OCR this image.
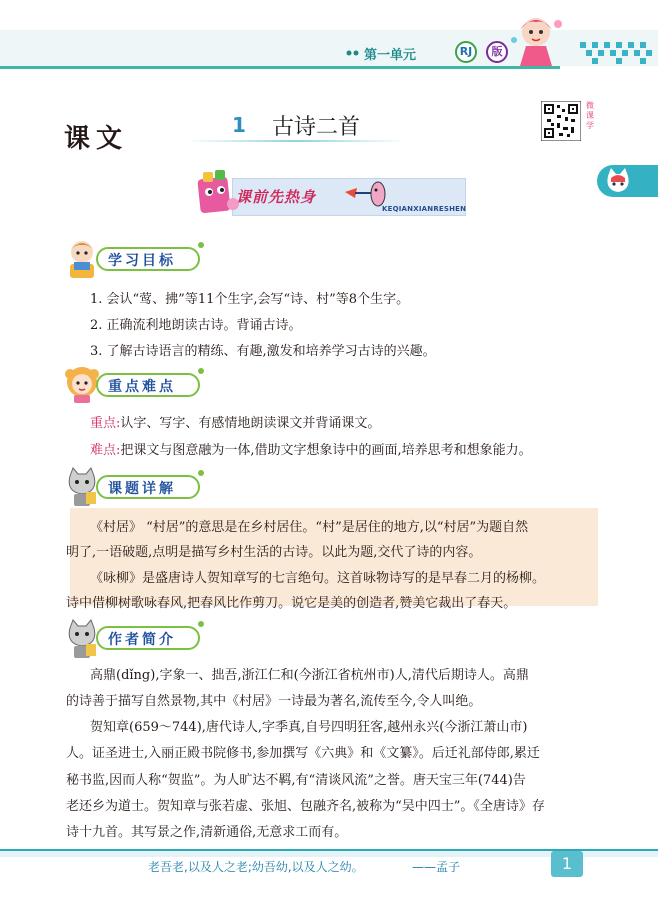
第一单元	RJ	版
课文	1 古诗二首
微课学
课前先热身
KEQIANXIANRESHEN
学习目标
1. 会认“莺、拂”等11个生字,会写“诗、村”等8个生字。
2. 正确流利地朗读古诗。背诵古诗。
3. 了解古诗语言的精练、有趣,激发和培养学习古诗的兴趣。
重点难点
重点:认字、写字、有感情地朗读课文并背诵课文。
难点:把课文与图意融为一体,借助文字想象诗中的画面,培养思考和想象能力。
课题详解
《村居》 “村居”的意思是在乡村居住。“村”是居住的地方,以“村居”为题自然
明了,一语破题,点明是描写乡村生活的古诗。以此为题,交代了诗的内容。
《咏柳》是盛唐诗人贺知章写的七言绝句。这首咏物诗写的是早春二月的杨柳。
诗中借柳树歌咏春风,把春风比作剪刀。说它是美的创造者,赞美它裁出了春天。
作者简介
高鼎(dǐng),字象一、拙吾,浙江仁和(今浙江省杭州市)人,清代后期诗人。高鼎
的诗善于描写自然景物,其中《村居》一诗最为著名,流传至今,令人叫绝。
贺知章(659～744),唐代诗人,字季真,自号四明狂客,越州永兴(今浙江萧山市)
人。证圣进士,入丽正殿书院修书,参加撰写《六典》和《文纂》。后迁礼部侍郎,累迁
秘书监,因而人称“贺监”。为人旷达不羁,有“清谈风流”之誉。唐天宝三年(744)告
老还乡为道士。贺知章与张若虚、张旭、包融齐名,被称为“吴中四士”。《全唐诗》存
诗十九首。其写景之作,清新通俗,无意求工而有。
老吾老,以及人之老;幼吾幼,以及人之幼。	——孟子	1
